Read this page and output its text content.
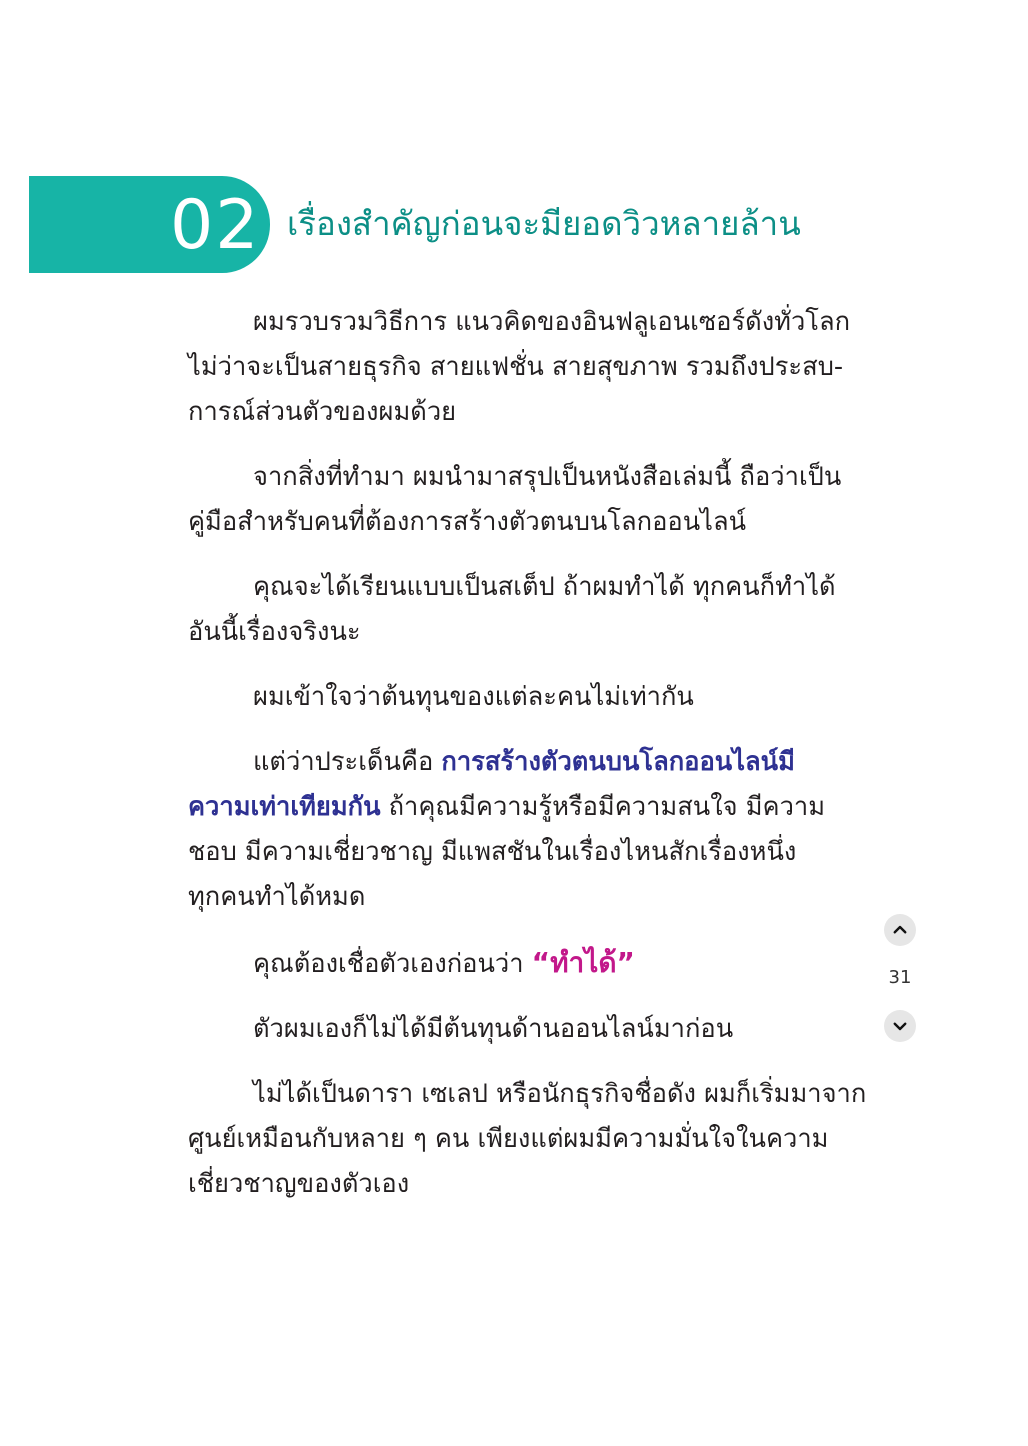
02 เรื่องสำคัญก่อนจะมียอดวิวหลายล้าน

ผมรวบรวมวิธีการ แนวคิดของอินฟลูเอนเซอร์ดังทั่วโลก
ไม่ว่าจะเป็นสายธุรกิจ สายแฟชั่น สายสุขภาพ รวมถึงประสบ-
การณ์ส่วนตัวของผมด้วย

จากสิ่งที่ทำมา ผมนำมาสรุปเป็นหนังสือเล่มนี้ ถือว่าเป็น
คู่มือสำหรับคนที่ต้องการสร้างตัวตนบนโลกออนไลน์

คุณจะได้เรียนแบบเป็นสเต็ป ถ้าผมทำได้ ทุกคนก็ทำได้
อันนี้เรื่องจริงนะ

ผมเข้าใจว่าต้นทุนของแต่ละคนไม่เท่ากัน

แต่ว่าประเด็นคือ การสร้างตัวตนบนโลกออนไลน์มี
ความเท่าเทียมกัน ถ้าคุณมีความรู้หรือมีความสนใจ มีความ
ชอบ มีความเชี่ยวชาญ มีแพสชันในเรื่องไหนสักเรื่องหนึ่ง
ทุกคนทำได้หมด

คุณต้องเชื่อตัวเองก่อนว่า “ทำได้”

ตัวผมเองก็ไม่ได้มีต้นทุนด้านออนไลน์มาก่อน

ไม่ได้เป็นดารา เซเลป หรือนักธุรกิจชื่อดัง ผมก็เริ่มมาจาก
ศูนย์เหมือนกับหลาย ๆ คน เพียงแต่ผมมีความมั่นใจในความ
เชี่ยวชาญของตัวเอง

31
